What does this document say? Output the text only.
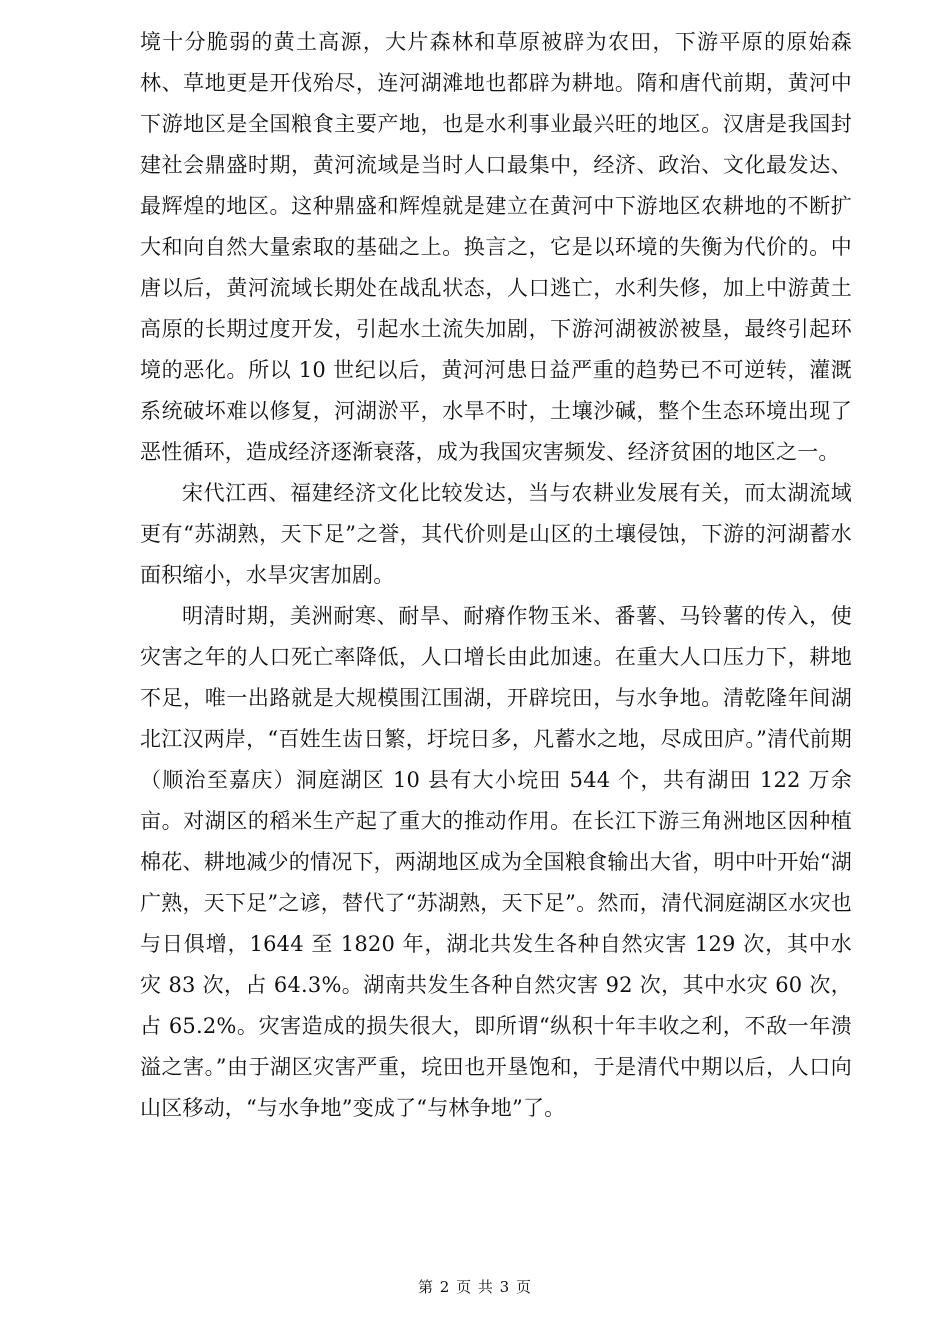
境十分脆弱的黄土高源，大片森林和草原被辟为农田，下游平原的原始森林、草地更是开伐殆尽，连河湖滩地也都辟为耕地。隋和唐代前期，黄河中下游地区是全国粮食主要产地，也是水利事业最兴旺的地区。汉唐是我国封建社会鼎盛时期，黄河流域是当时人口最集中，经济、政治、文化最发达、最辉煌的地区。这种鼎盛和辉煌就是建立在黄河中下游地区农耕地的不断扩大和向自然大量索取的基础之上。换言之，它是以环境的失衡为代价的。中唐以后，黄河流域长期处在战乱状态，人口逃亡，水利失修，加上中游黄土高原的长期过度开发，引起水土流失加剧，下游河湖被淤被垦，最终引起环境的恶化。所以 10 世纪以后，黄河河患日益严重的趋势已不可逆转，灌溉系统破坏难以修复，河湖淤平，水旱不时，土壤沙碱，整个生态环境出现了恶性循环，造成经济逐渐衰落，成为我国灾害频发、经济贫困的地区之一。

宋代江西、福建经济文化比较发达，当与农耕业发展有关，而太湖流域更有“苏湖熟，天下足”之誉，其代价则是山区的土壤侵蚀，下游的河湖蓄水面积缩小，水旱灾害加剧。

明清时期，美洲耐寒、耐旱、耐瘠作物玉米、番薯、马铃薯的传入，使灾害之年的人口死亡率降低，人口增长由此加速。在重大人口压力下，耕地不足，唯一出路就是大规模围江围湖，开辟垸田，与水争地。清乾隆年间湖北江汉两岸，“百姓生齿日繁，圩垸日多，凡蓄水之地，尽成田庐。”清代前期（顺治至嘉庆）洞庭湖区 10 县有大小垸田 544 个，共有湖田 122 万余亩。对湖区的稻米生产起了重大的推动作用。在长江下游三角洲地区因种植棉花、耕地减少的情况下，两湖地区成为全国粮食输出大省，明中叶开始“湖广熟，天下足”之谚，替代了“苏湖熟，天下足”。然而，清代洞庭湖区水灾也与日俱增，1644 至 1820 年，湖北共发生各种自然灾害 129 次，其中水灾 83 次，占 64.3%。湖南共发生各种自然灾害 92 次，其中水灾 60 次，占 65.2%。灾害造成的损失很大，即所谓“纵积十年丰收之利，不敌一年溃溢之害。”由于湖区灾害严重，垸田也开垦饱和，于是清代中期以后，人口向山区移动，“与水争地”变成了“与林争地”了。

第 2 页 共 3 页
